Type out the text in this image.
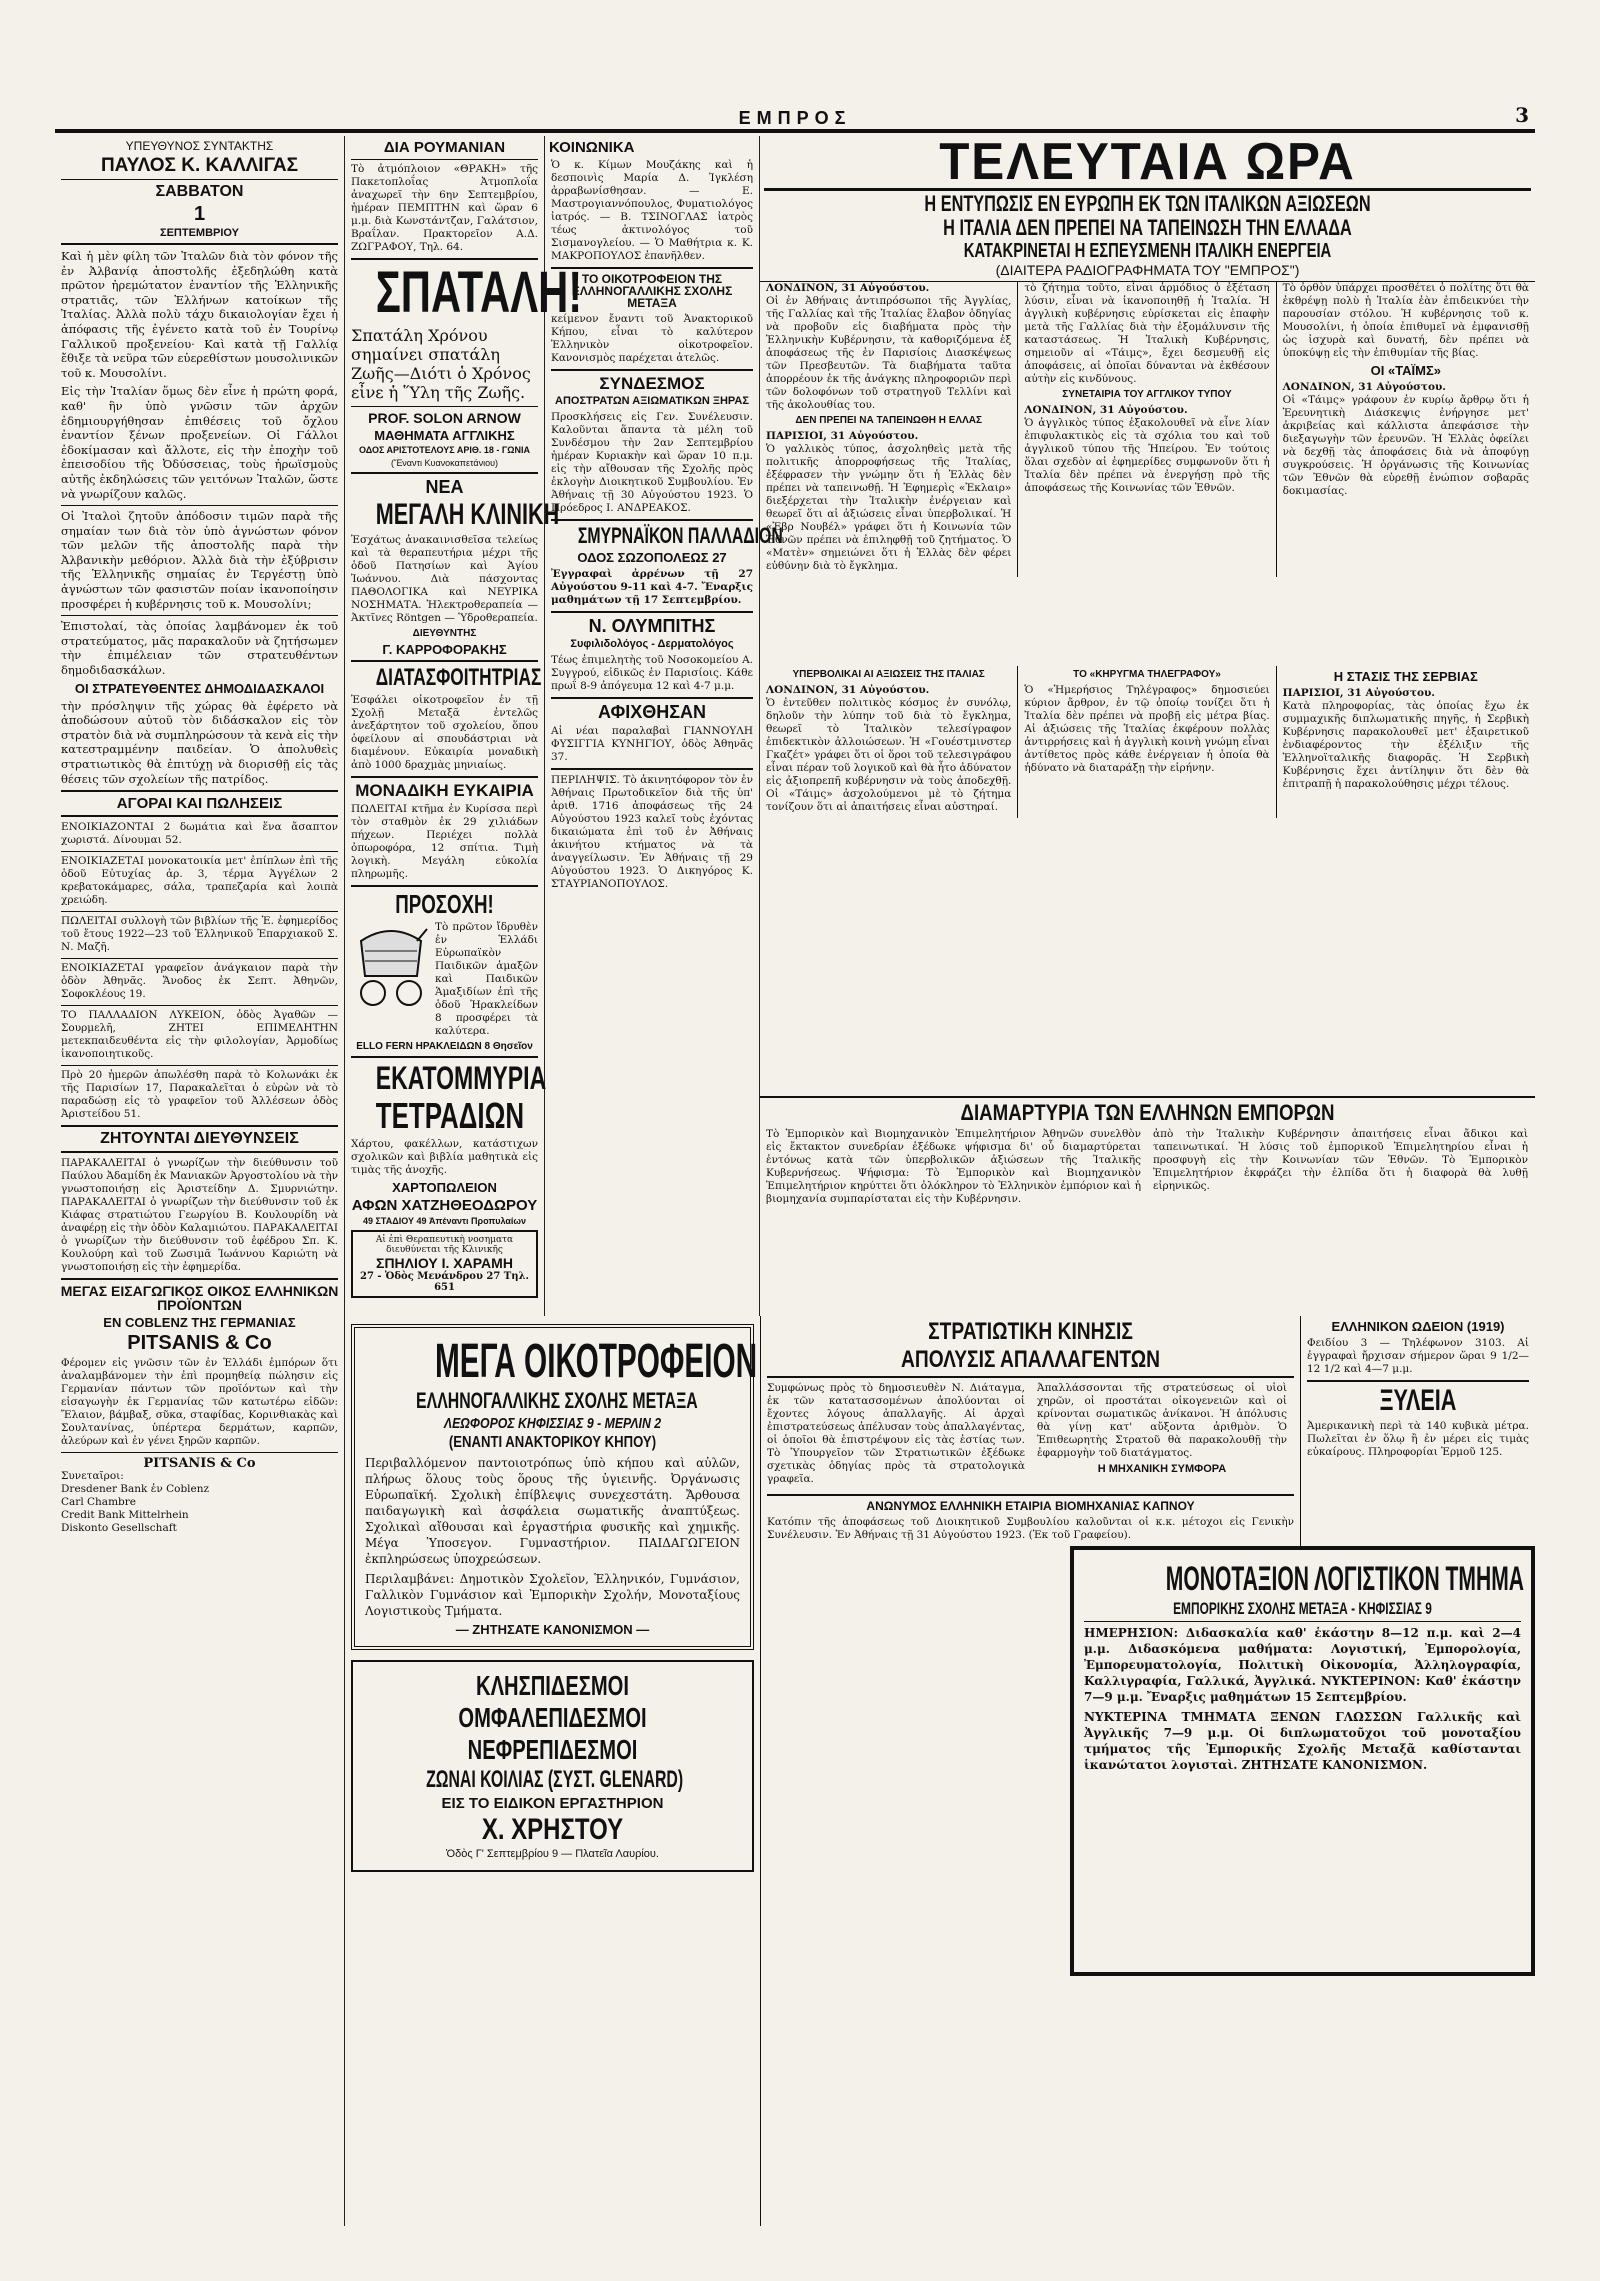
ΕΜΠΡΟΣ	3
ΥΠΕΥΘΥΝΟΣ ΣΥΝΤΑΚΤΗΣ
ΠΑΥΛΟΣ Κ. ΚΑΛΛΙΓΑΣ
ΣΑΒΒΑΤΟΝ
1
ΣΕΠΤΕΜΒΡΙΟΥ

Καὶ ἡ μὲν φίλη τῶν Ἰταλῶν διὰ τὸν φόνον τῆς ἐν Ἀλβανίᾳ ἀποστολῆς ἐξεδηλώθη κατὰ πρῶτον ἠρεμώτατον ἐναντίον τῆς Ἑλληνικῆς στρατιᾶς, τῶν Ἑλλήνων κατοίκων τῆς Ἰταλίας. Ἀλλὰ πολὺ τάχυ δικαιολογίαν ἔχει ἡ ἀπόφασις τῆς ἐγένετο κατὰ τοῦ ἐν Τουρίνῳ Γαλλικοῦ προξενείου· Καὶ κατὰ τῇ Γαλλίᾳ ἔθιξε τὰ νεῦρα τῶν εὐερεθίστων μουσολινικῶν τοῦ κ. Μουσολίνι.

Εἰς τὴν Ἰταλίαν ὅμως δὲν εἶνε ἡ πρώτη φορά, καθ' ἣν ὑπὸ γνῶσιν τῶν ἀρχῶν ἐδημιουργήθησαν ἐπιθέσεις τοῦ ὄχλου ἐναντίον ξένων προξενείων. Οἱ Γάλλοι ἐδοκίμασαν καὶ ἄλλοτε, εἰς τὴν ἐποχὴν τοῦ ἐπεισοδίου τῆς Ὀδύσσειας, τοὺς ἠρωϊσμοὺς αὐτῆς ἐκδηλώσεις τῶν γειτόνων Ἰταλῶν, ὥστε νὰ γνωρίζουν καλῶς.

Οἱ Ἰταλοὶ ζητοῦν ἀπόδοσιν τιμῶν παρὰ τῆς σημαίαν των διὰ τὸν ὑπὸ ἀγνώστων φόνον τῶν μελῶν τῆς ἀποστολῆς παρὰ τὴν Ἀλβανικὴν μεθόριον. Ἀλλὰ διὰ τὴν ἐξύβρισιν τῆς Ἑλληνικῆς σημαίας ἐν Τεργέστῃ ὑπὸ ἀγνώστων τῶν φασιστῶν ποίαν ἱκανοποίησιν προσφέρει ἡ κυβέρνησις τοῦ κ. Μουσολίνι;

Ἐπιστολαί, τὰς ὁποίας λαμβάνομεν ἐκ τοῦ στρατεύματος, μᾶς παρακαλοῦν νὰ ζητήσωμεν τὴν ἐπιμέλειαν τῶν στρατευθέντων δημοδιδασκάλων.

ΟΙ ΣΤΡΑΤΕΥΘΕΝΤΕΣ ΔΗΜΟΔΙΔΑΣΚΑΛΟΙ

τὴν πρόσληψιν τῆς χώρας θὰ ἐφέρετο νὰ ἀποδώσουν αὐτοῦ τὸν διδάσκαλον εἰς τὸν στρατὸν διὰ νὰ συμπληρώσουν τὰ κενὰ εἰς τὴν κατεστραμμένην παιδείαν. Ὁ ἀπολυθεὶς στρατιωτικὸς θὰ ἐπιτύχῃ νὰ διορισθῇ εἰς τὰς θέσεις τῶν σχολείων τῆς πατρίδος.

ΑΓΟΡΑΙ ΚΑΙ ΠΩΛΗΣΕΙΣ

ΕΝΟΙΚΙΑΖΟΝΤΑΙ 2 δωμάτια καὶ ἕνα ἄσαπτον χωριστά. Δίνουμαι 52.

ΕΝΟΙΚΙΑΖΕΤΑΙ μονοκατοικία μετ' ἐπίπλων ἐπὶ τῆς ὁδοῦ Εὐτυχίας ἀρ. 3, τέρμα Ἀγγέλων 2 κρεβατοκάμαρες, σάλα, τραπεζαρία καὶ λοιπὰ χρειώδη.

ΠΩΛΕΙΤΑΙ συλλογὴ τῶν βιβλίων τῆς Ἑ. ἐφημερίδος τοῦ ἔτους 1922—23 τοῦ Ἑλληνικοῦ Ἐπαρχιακοῦ Σ. Ν. Μαζῆ.

ΕΝΟΙΚΙΑΖΕΤΑΙ γραφεῖον ἀνάγκαιον παρὰ τὴν ὁδὸν Ἀθηνᾶς. Ἄνοδος ἐκ Σεπτ. Ἀθηνῶν, Σοφοκλέους 19.

ΤΟ ΠΑΛΛΑΔΙΟΝ ΛΥΚΕΙΟΝ, ὁδὸς Ἀγαθῶν — Σουρμελῆ, ΖΗΤΕΙ ΕΠΙΜΕΛΗΤΗΝ μετεκπαιδευθέντα εἰς τὴν φιλολογίαν, Ἀρμοδίως ἱκανοποιητικοῦς.

Πρὸ 20 ἡμερῶν ἀπωλέσθη παρὰ τὸ Κολωνάκι ἐκ τῆς Παρισίων 17, Παρακαλεῖται ὁ εὑρὼν νὰ τὸ παραδώσῃ εἰς τὸ γραφεῖον τοῦ Ἀλλέσεων ὁδὸς Ἀριστείδου 51.

ΖΗΤΟΥΝΤΑΙ ΔΙΕΥΘΥΝΣΕΙΣ

ΠΑΡΑΚΑΛΕΙΤΑΙ ὁ γνωρίζων τὴν διεύθυνσιν τοῦ Παύλου Ἀδαμίδη ἐκ Μανιακῶν Ἀργοστολίου νὰ τὴν γνωστοποιήσῃ εἰς Ἀριστείδην Δ. Σμυρνιώτην. ΠΑΡΑΚΑΛΕΙΤΑΙ ὁ γνωρίζων τὴν διεύθυνσιν τοῦ ἐκ Κιάφας στρατιώτου Γεωργίου Β. Κουλουρίδη νὰ ἀναφέρῃ εἰς τὴν ὁδὸν Καλαμιώτου. ΠΑΡΑΚΑΛΕΙΤΑΙ ὁ γνωρίζων τὴν διεύθυνσιν τοῦ ἐφέδρου Σπ. Κ. Κουλούρη καὶ τοῦ Ζωσιμᾶ Ἰωάννου Καριώτη νὰ γνωστοποιήσῃ εἰς τὴν ἐφημερίδα.

ΜΕΓΑΣ ΕΙΣΑΓΩΓΙΚΟΣ ΟΙΚΟΣ ΕΛΛΗΝΙΚΩΝ ΠΡΟΪΟΝΤΩΝ
ΕΝ COBLENZ ΤΗΣ ΓΕΡΜΑΝΙΑΣ
PITSANIS & Co

Φέρομεν εἰς γνῶσιν τῶν ἐν Ἑλλάδι ἐμπόρων ὅτι ἀναλαμβάνομεν τὴν ἐπὶ προμηθείᾳ πώλησιν εἰς Γερμανίαν πάντων τῶν προϊόντων καὶ τὴν εἰσαγωγὴν ἐκ Γερμανίας τῶν κατωτέρω εἰδῶν: Ἔλαιον, βάμβαξ, σῦκα, σταφίδας, Κορινθιακὰς καὶ Σουλτανίνας, ὑπέρτερα δερμάτων, καρπῶν, ἀλεύρων καὶ ἐν γένει ξηρῶν καρπῶν.

PITSANIS & Co
Συνεταῖροι:
Dresdener Bank ἐν Coblenz
Carl Chambre
Credit Bank Mittelrhein
Diskonto Gesellschaft
ΔΙΑ ΡΟΥΜΑΝΙΑΝ

Τὸ ἀτμόπλοιον «ΘΡΑΚΗ» τῆς Πακετοπλοΐας Ἀτμοπλοΐα ἀναχωρεῖ τὴν 6ην Σεπτεμβρίου, ἡμέραν ΠΕΜΠΤΗΝ καὶ ὥραν 6 μ.μ. διὰ Κωνστάντζαν, Γαλάτσιον, Βραΐλαν. Πρακτορεῖον Α.Δ. ΖΩΓΡΑΦΟΥ, Τηλ. 64.

ΣΠΑΤΑΛΗ!

Σπατάλη Χρόνου σημαίνει σπατάλη Ζωῆς—Διότι ὁ Χρόνος εἶνε ἡ Ὕλη τῆς Ζωῆς.

PROF. SOLON ARNOW
ΜΑΘΗΜΑΤΑ ΑΓΓΛΙΚΗΣ
ΟΔΟΣ ΑΡΙΣΤΟΤΕΛΟΥΣ ΑΡΙΘ. 18 - ΓΩΝΙΑ
(Ἔναντι Κυανοκαπετάνιου)
ΝΕΑ
ΜΕΓΑΛΗ ΚΛΙΝΙΚΗ

Ἐσχάτως ἀνακαινισθεῖσα τελείως καὶ τὰ θεραπευτήρια μέχρι τῆς ὁδοῦ Πατησίων καὶ Ἀγίου Ἰωάννου. Διὰ πάσχοντας ΠΑΘΟΛΟΓΙΚΑ καὶ ΝΕΥΡΙΚΑ ΝΟΣΗΜΑΤΑ. Ἠλεκτροθεραπεία — Ἀκτῖνες Röntgen — Ὑδροθεραπεία.

ΔΙΕΥΘΥΝΤΗΣ
Γ. ΚΑΡΡΟΦΟΡΑΚΗΣ
ΔΙΑΤΑΣΦΟΙΤΗΤΡΙΑΣ

Ἐσφάλει οἰκοτροφεῖον ἐν τῇ Σχολῇ Μεταξᾶ ἐντελῶς ἀνεξάρτητον τοῦ σχολείου, ὅπου ὀφείλουν αἱ σπουδάστριαι νὰ διαμένουν. Εὐκαιρία μοναδικὴ ἀπὸ 1000 δραχμὰς μηνιαίως.

ΜΟΝΑΔΙΚΗ ΕΥΚΑΙΡΙΑ

ΠΩΛΕΙΤΑΙ κτῆμα ἐν Κυρίσσα περὶ τὸν σταθμὸν ἐκ 29 χιλιάδων πήχεων. Περιέχει πολλὰ ὀπωροφόρα, 12 σπίτια. Τιμὴ λογικὴ. Μεγάλη εὐκολία πληρωμῆς.

ΠΡΟΣΟΧΗ!

Τὸ πρῶτον ἴδρυθὲν ἐν Ἑλλάδι Εὐρωπαϊκὸν Παιδικῶν ἁμαξῶν καὶ Παιδικῶν Ἁμαξιδίων ἐπὶ τῆς ὁδοῦ Ἡρακλείδων 8 προσφέρει τὰ καλύτερα.

ELLO FERN ΗΡΑΚΛΕΙΔΩΝ 8 Θησεῖον
ΕΚΑΤΟΜΜΥΡΙΑ
ΤΕΤΡΑΔΙΩΝ

Χάρτου, φακέλλων, κατάστιχων σχολικῶν καὶ βιβλία μαθητικὰ εἰς τιμὰς τῆς ἀνοχῆς.

ΧΑΡΤΟΠΩΛΕΙΟΝ
ΑΦΩΝ ΧΑΤΖΗΘΕΟΔΩΡΟΥ
49 ΣΤΑΔΙΟΥ 49 Ἀπέναντι Προπυλαίων
Αἱ ἐπὶ Θεραπευτικὴ νοσηματα διευθύνεται τῆς Κλινικῆς
ΣΠΗΛΙΟΥ Ι. ΧΑΡΑΜΗ
27 - Ὁδὸς Μενάνδρου 27 Τηλ. 651
ΚΟΙΝΩΝΙΚΑ

Ὁ κ. Κίμων Μουζάκης καὶ ἡ δεσποινὶς Μαρία Δ. Ἰγκλέση ἀρραβωνίσθησαν. — Ε. Μαστρογιαννόπουλος, Φυματιολόγος ἰατρός. — Β. ΤΣΙΝΟΓΛΑΣ ἰατρὸς τέως ἀκτινολόγος τοῦ Σισμανογλείου. — Ὁ Μαθήτρια κ. Κ. ΜΑΚΡΟΠΟΥΛΟΣ ἐπανῆλθεν.

ΤΟ ΟΙΚΟΤΡΟΦΕΙΟΝ ΤΗΣ ΕΛΛΗΝΟΓΑΛΛΙΚΗΣ ΣΧΟΛΗΣ ΜΕΤΑΞΑ

κείμενον ἔναντι τοῦ Ἀνακτορικοῦ Κήπου, εἶναι τὸ καλύτερον Ἑλληνικὸν οἰκοτροφεῖον. Κανονισμὸς παρέχεται ἀτελῶς.

ΣΥΝΔΕΣΜΟΣ
ΑΠΟΣΤΡΑΤΩΝ ΑΞΙΩΜΑΤΙΚΩΝ ΞΗΡΑΣ

Προσκλήσεις εἰς Γεν. Συνέλευσιν. Καλοῦνται ἅπαντα τὰ μέλη τοῦ Συνδέσμου τὴν 2αν Σεπτεμβρίου ἡμέραν Κυριακὴν καὶ ὥραν 10 π.μ. εἰς τὴν αἴθουσαν τῆς Σχολῆς πρὸς ἐκλογὴν Διοικητικοῦ Συμβουλίου. Ἐν Ἀθήναις τῇ 30 Αὐγούστου 1923. Ὁ Πρόεδρος Ι. ΑΝΔΡΕΑΚΟΣ.

ΣΜΥΡΝΑΪΚΟΝ ΠΑΛΛΑΔΙΟΝ
ΟΔΟΣ ΣΩΖΟΠΟΛΕΩΣ 27

Ἐγγραφαὶ ἀρρένων τῇ 27 Αὐγούστου 9-11 καὶ 4-7. Ἔναρξις μαθημάτων τῇ 17 Σεπτεμβρίου.

Ν. ΟΛΥΜΠΙΤΗΣ
Συφιλιδολόγος - Δερματολόγος

Τέως ἐπιμελητὴς τοῦ Νοσοκομείου Α. Συγγρού, εἰδικῶς ἐν Παρισίοις. Κάθε πρωΐ 8-9 ἀπόγευμα 12 καὶ 4-7 μ.μ.

ΑΦΙΧΘΗΣΑΝ

Αἱ νέαι παραλαβαὶ ΓΙΑΝΝΟΥΛΗ ΦΥΣΙΓΓΙΑ ΚΥΝΗΓΙΟΥ, ὁδὸς Ἀθηνᾶς 37.

ΠΕΡΙΛΗΨΙΣ. Τὸ ἀκινητόφορον τὸν ἐν Ἀθήναις Πρωτοδικεῖον διὰ τῆς ὑπ' ἀριθ. 1716 ἀποφάσεως τῆς 24 Αὐγούστου 1923 καλεῖ τοὺς ἐχόντας δικαιώματα ἐπὶ τοῦ ἐν Ἀθήναις ἀκινήτου κτήματος νὰ τὰ ἀναγγείλωσιν. Ἐν Ἀθήναις τῇ 29 Αὐγούστου 1923. Ὁ Δικηγόρος Κ. ΣΤΑΥΡΙΑΝΟΠΟΥΛΟΣ.

ΤΕΛΕΥΤΑΙΑ ΩΡΑ
Η ΕΝΤΥΠΩΣΙΣ ΕΝ ΕΥΡΩΠΗ ΕΚ ΤΩΝ ΙΤΑΛΙΚΩΝ ΑΞΙΩΣΕΩΝ
Η ΙΤΑΛΙΑ ΔΕΝ ΠΡΕΠΕΙ ΝΑ ΤΑΠΕΙΝΩΣΗ ΤΗΝ ΕΛΛΑΔΑ
ΚΑΤΑΚΡΙΝΕΤΑΙ Η ΕΣΠΕΥΣΜΕΝΗ ΙΤΑΛΙΚΗ ΕΝΕΡΓΕΙΑ
(ΔΙΑΙΤΕΡΑ ΡΑΔΙΟΓΡΑΦΗΜΑΤΑ ΤΟΥ "ΕΜΠΡΟΣ")

ΛΟΝΔΙΝΟΝ, 31 Αὐγούστου.

Οἱ ἐν Ἀθήναις ἀντιπρόσωποι τῆς Ἀγγλίας, τῆς Γαλλίας καὶ τῆς Ἰταλίας ἔλαβον ὁδηγίας νὰ προβοῦν εἰς διαβήματα πρὸς τὴν Ἑλληνικὴν Κυβέρνησιν, τὰ καθοριζόμενα ἐξ ἀποφάσεως τῆς ἐν Παρισίοις Διασκέψεως τῶν Πρεσβευτῶν. Τὰ διαβήματα ταῦτα ἀπορρέουν ἐκ τῆς ἀνάγκης πληροφοριῶν περὶ τῶν δολοφόνων τοῦ στρατηγοῦ Τελλίνι καὶ τῆς ἀκολουθίας του.

ΔΕΝ ΠΡΕΠΕΙ ΝΑ ΤΑΠΕΙΝΩΘΗ Η ΕΛΛΑΣ

ΠΑΡΙΣΙΟΙ, 31 Αὐγούστου.

Ὁ γαλλικὸς τύπος, ἀσχοληθεὶς μετὰ τῆς πολιτικῆς ἀπορροφήσεως τῆς Ἰταλίας, ἐξέφρασεν τὴν γνώμην ὅτι ἡ Ἑλλὰς δὲν πρέπει νὰ ταπεινωθῇ. Ἡ Ἐφημερὶς «Ἐκλαιρ» διεξέρχεται τὴν Ἰταλικὴν ἐνέργειαν καὶ θεωρεῖ ὅτι αἱ ἀξιώσεις εἶναι ὑπερβολικαί. Ἡ «Ἐβρ Νουβέλ» γράφει ὅτι ἡ Κοινωνία τῶν Ἐθνῶν πρέπει νὰ ἐπιληφθῇ τοῦ ζητήματος. Ὁ «Ματὲν» σημειώνει ὅτι ἡ Ἑλλὰς δὲν φέρει εὐθύνην διὰ τὸ ἔγκλημα.

τὸ ζήτημα τοῦτο, εἶναι ἀρμόδιος ὁ ἐξέταση λύσιν, εἶναι νὰ ἱκανοποιηθῇ ἡ Ἰταλία. Ἡ ἀγγλικὴ κυβέρνησις εὑρίσκεται εἰς ἐπαφὴν μετὰ τῆς Γαλλίας διὰ τὴν ἐξομάλυνσιν τῆς καταστάσεως. Ἡ Ἰταλικὴ Κυβέρνησις, σημειοῦν αἱ «Τάιμς», ἔχει δεσμευθῇ εἰς ἀποφάσεις, αἱ ὁποῖαι δύνανται νὰ ἐκθέσουν αὐτὴν εἰς κινδύνους.

ΣΥΝΕΤΑΙΡΙΑ ΤΟΥ ΑΓΓΛΙΚΟΥ ΤΥΠΟΥ

ΛΟΝΔΙΝΟΝ, 31 Αὐγούστου.

Ὁ ἀγγλικὸς τύπος ἐξακολουθεῖ νὰ εἶνε λίαν ἐπιφυλακτικὸς εἰς τὰ σχόλια του καὶ τοῦ ἀγγλικοῦ τύπου τῆς Ἠπείρου. Ἐν τούτοις ὅλαι σχεδὸν αἱ ἐφημερίδες συμφωνοῦν ὅτι ἡ Ἰταλία δὲν πρέπει νὰ ἐνεργήσῃ πρὸ τῆς ἀποφάσεως τῆς Κοινωνίας τῶν Ἐθνῶν.

Τὸ ὀρθὸν ὑπάρχει προσθέτει ὁ πολίτης ὅτι θὰ ἐκθρέψῃ πολὺ ἡ Ἰταλία ἐὰν ἐπιδεικνύει τὴν παρουσίαν στόλου. Ἡ κυβέρνησις τοῦ κ. Μουσολίνι, ἡ ὁποία ἐπιθυμεῖ νὰ ἐμφανισθῇ ὡς ἰσχυρὰ καὶ δυνατή, δὲν πρέπει νὰ ὑποκύψῃ εἰς τὴν ἐπιθυμίαν τῆς βίας.

ΟΙ «ΤΑΪΜΣ»

ΛΟΝΔΙΝΟΝ, 31 Αὐγούστου.

Οἱ «Τάιμς» γράφουν ἐν κυρίῳ ἄρθρῳ ὅτι ἡ Ἐρευνητικὴ Διάσκεψις ἐνήργησε μετ' ἀκριβείας καὶ κάλλιστα ἀπεφάσισε τὴν διεξαγωγὴν τῶν ἐρευνῶν. Ἡ Ἑλλὰς ὀφείλει νὰ δεχθῇ τὰς ἀποφάσεις διὰ νὰ ἀποφύγῃ συγκρούσεις. Ἡ ὀργάνωσις τῆς Κοινωνίας τῶν Ἐθνῶν θὰ εὑρεθῇ ἐνώπιον σοβαρᾶς δοκιμασίας.

ΥΠΕΡΒΟΛΙΚΑΙ ΑΙ ΑΞΙΩΣΕΙΣ ΤΗΣ ΙΤΑΛΙΑΣ

ΛΟΝΔΙΝΟΝ, 31 Αὐγούστου.

Ὁ ἐντεῦθεν πολιτικὸς κόσμος ἐν συνόλῳ, δηλοῦν τὴν λύπην τοῦ διὰ τὸ ἔγκλημα, θεωρεῖ τὸ Ἰταλικὸν τελεσίγραφον ἐπιδεκτικὸν ἀλλοιώσεων. Ἡ «Γουέστμινστερ Γκαζέτ» γράφει ὅτι οἱ ὅροι τοῦ τελεσιγράφου εἶναι πέραν τοῦ λογικοῦ καὶ θὰ ἦτο ἀδύνατον εἰς ἀξιοπρεπῆ κυβέρνησιν νὰ τοὺς ἀποδεχθῇ. Οἱ «Τάιμς» ἀσχολούμενοι μὲ τὸ ζήτημα τονίζουν ὅτι αἱ ἀπαιτήσεις εἶναι αὐστηραί.

ΤΟ «ΚΗΡΥΓΜΑ ΤΗΛΕΓΡΑΦΟΥ»

Ὁ «Ἡμερήσιος Τηλέγραφος» δημοσιεύει κύριον ἄρθρον, ἐν τῷ ὁποίῳ τονίζει ὅτι ἡ Ἰταλία δὲν πρέπει νὰ προβῇ εἰς μέτρα βίας. Αἱ ἀξιώσεις τῆς Ἰταλίας ἐκφέρουν πολλὰς ἀντιρρήσεις καὶ ἡ ἀγγλικὴ κοινὴ γνώμη εἶναι ἀντίθετος πρὸς κάθε ἐνέργειαν ἡ ὁποία θὰ ἠδύνατο νὰ διαταράξῃ τὴν εἰρήνην.

Η ΣΤΑΣΙΣ ΤΗΣ ΣΕΡΒΙΑΣ

ΠΑΡΙΣΙΟΙ, 31 Αὐγούστου.

Κατὰ πληροφορίας, τὰς ὁποίας ἔχω ἐκ συμμαχικῆς διπλωματικῆς πηγῆς, ἡ Σερβικὴ Κυβέρνησις παρακολουθεῖ μετ' ἐξαιρετικοῦ ἐνδιαφέροντος τὴν ἐξέλιξιν τῆς Ἑλληνοϊταλικῆς διαφορᾶς. Ἡ Σερβικὴ Κυβέρνησις ἔχει ἀντίληψιν ὅτι δὲν θὰ ἐπιτραπῇ ἡ παρακολούθησις μέχρι τέλους.

ΔΙΑΜΑΡΤΥΡΙΑ ΤΩΝ ΕΛΛΗΝΩΝ ΕΜΠΟΡΩΝ

Τὸ Ἐμπορικὸν καὶ Βιομηχανικὸν Ἐπιμελητήριον Ἀθηνῶν συνελθὸν εἰς ἔκτακτον συνεδρίαν ἐξέδωκε ψήφισμα δι' οὗ διαμαρτύρεται ἐντόνως κατὰ τῶν ὑπερβολικῶν ἀξιώσεων τῆς Ἰταλικῆς Κυβερνήσεως. Ψήφισμα: Τὸ Ἐμπορικὸν καὶ Βιομηχανικὸν Ἐπιμελητήριον κηρύττει ὅτι ὁλόκληρον τὸ Ἑλληνικὸν ἐμπόριον καὶ ἡ βιομηχανία συμπαρίσταται εἰς τὴν Κυβέρνησιν.

ἀπὸ τὴν Ἰταλικὴν Κυβέρνησιν ἀπαιτήσεις εἶναι ἄδικοι καὶ ταπεινωτικαί. Ἡ λύσις τοῦ ἐμπορικοῦ Ἐπιμελητηρίου εἶναι ἡ προσφυγὴ εἰς τὴν Κοινωνίαν τῶν Ἐθνῶν. Τὸ Ἐμπορικὸν Ἐπιμελητήριον ἐκφράζει τὴν ἐλπίδα ὅτι ἡ διαφορὰ θὰ λυθῇ εἰρηνικῶς.

ΜΕΓΑ ΟΙΚΟΤΡΟΦΕΙΟΝ
ΕΛΛΗΝΟΓΑΛΛΙΚΗΣ ΣΧΟΛΗΣ ΜΕΤΑΞΑ
ΛΕΩΦΟΡΟΣ ΚΗΦΙΣΣΙΑΣ 9 - ΜΕΡΛΙΝ 2
(ΕΝΑΝΤΙ ΑΝΑΚΤΟΡΙΚΟΥ ΚΗΠΟΥ)

Περιβαλλόμενον παντοιοτρόπως ὑπὸ κήπου καὶ αὐλῶν, πλήρως ὅλους τοὺς ὅρους τῆς ὑγιεινῆς. Ὀργάνωσις Εὐρωπαϊκή. Σχολικὴ ἐπίβλεψις συνεχεστάτη. Ἄρθουσα παιδαγωγικὴ καὶ ἀσφάλεια σωματικῆς ἀναπτύξεως. Σχολικαὶ αἴθουσαι καὶ ἐργαστήρια φυσικῆς καὶ χημικῆς. Μέγα Ὑποσεγον. Γυμναστήριον. ΠΑΙΔΑΓΩΓΕΙΟΝ ἐκπληρώσεως ὑποχρεώσεων.

Περιλαμβάνει: Δημοτικὸν Σχολεῖον, Ἑλληνικόν, Γυμνάσιον, Γαλλικὸν Γυμνάσιον καὶ Ἐμπορικὴν Σχολήν, Μονοταξίους Λογιστικοὺς Τμήματα.

— ΖΗΤΗΣΑΤΕ ΚΑΝΟΝΙΣΜΟΝ —
ΚΛΗΣΠΙΔΕΣΜΟΙ
ΟΜΦΑΛΕΠΙΔΕΣΜΟΙ
ΝΕΦΡΕΠΙΔΕΣΜΟΙ
ΖΩΝΑΙ ΚΟΙΛΙΑΣ (ΣΥΣΤ. GLENARD)
ΕΙΣ ΤΟ ΕΙΔΙΚΟΝ ΕΡΓΑΣΤΗΡΙΟΝ
Χ. ΧΡΗΣΤΟΥ
Ὁδὸς Γ' Σεπτεμβρίου 9 — Πλατεῖα Λαυρίου.
ΣΤΡΑΤΙΩΤΙΚΗ ΚΙΝΗΣΙΣ
ΑΠΟΛΥΣΙΣ ΑΠΑΛΛΑΓΕΝΤΩΝ

Συμφώνως πρὸς τὸ δημοσιευθὲν Ν. Διάταγμα, ἐκ τῶν κατατασσομένων ἀπολύονται οἱ ἔχοντες λόγους ἀπαλλαγῆς. Αἱ ἀρχαὶ ἐπιστρατεύσεως ἀπέλυσαν τοὺς ἀπαλλαγέντας, οἱ ὁποῖοι θὰ ἐπιστρέψουν εἰς τὰς ἑστίας των. Τὸ Ὑπουργεῖον τῶν Στρατιωτικῶν ἐξέδωκε σχετικὰς ὁδηγίας πρὸς τὰ στρατολογικὰ γραφεῖα.

Ἀπαλλάσσονται τῆς στρατεύσεως οἱ υἱοὶ χηρῶν, οἱ προστάται οἰκογενειῶν καὶ οἱ κρίνονται σωματικῶς ἀνίκανοι. Ἡ ἀπόλυσις θὰ γίνῃ κατ' αὔξοντα ἀριθμὸν. Ὁ Ἐπιθεωρητὴς Στρατοῦ θὰ παρακολουθῇ τὴν ἐφαρμογὴν τοῦ διατάγματος.

Η ΜΗΧΑΝΙΚΗ ΣΥΜΦΟΡΑ
ΑΝΩΝΥΜΟΣ ΕΛΛΗΝΙΚΗ ΕΤΑΙΡΙΑ ΒΙΟΜΗΧΑΝΙΑΣ ΚΑΠΝΟΥ

Κατόπιν τῆς ἀποφάσεως τοῦ Διοικητικοῦ Συμβουλίου καλοῦνται οἱ κ.κ. μέτοχοι εἰς Γενικὴν Συνέλευσιν. Ἐν Ἀθήναις τῇ 31 Αὐγούστου 1923. (Ἐκ τοῦ Γραφείου).

ΕΛΛΗΝΙΚΟΝ ΩΔΕΙΟΝ (1919)

Φειδίου 3 — Τηλέφωνον 3103. Αἱ ἐγγραφαὶ ἤρχισαν σήμερον ὥραι 9 1/2—12 1/2 καὶ 4—7 μ.μ.

ΞΥΛΕΙΑ

Ἀμερικανικὴ περὶ τὰ 140 κυβικὰ μέτρα. Πωλεῖται ἐν ὅλῳ ἢ ἐν μέρει εἰς τιμὰς εὐκαίρους. Πληροφορίαι Ἑρμοῦ 125.

ΜΟΝΟΤΑΞΙΟΝ ΛΟΓΙΣΤΙΚΟΝ ΤΜΗΜΑ
ΕΜΠΟΡΙΚΗΣ ΣΧΟΛΗΣ ΜΕΤΑΞΑ - ΚΗΦΙΣΣΙΑΣ 9

ΗΜΕΡΗΣΙΟΝ: Διδασκαλία καθ' ἑκάστην 8—12 π.μ. καὶ 2—4 μ.μ. Διδασκόμενα μαθήματα: Λογιστική, Ἐμπορολογία, Ἐμπορευματολογία, Πολιτικὴ Οἰκονομία, Ἀλληλογραφία, Καλλιγραφία, Γαλλικά, Ἀγγλικά. ΝΥΚΤΕΡΙΝΟΝ: Καθ' ἑκάστην 7—9 μ.μ. Ἔναρξις μαθημάτων 15 Σεπτεμβρίου.

ΝΥΚΤΕΡΙΝΑ ΤΜΗΜΑΤΑ ΞΕΝΩΝ ΓΛΩΣΣΩΝ Γαλλικῆς καὶ Ἀγγλικῆς 7—9 μ.μ. Οἱ διπλωματοῦχοι τοῦ μονοταξίου τμήματος τῆς Ἐμπορικῆς Σχολῆς Μεταξᾶ καθίστανται ἱκανώτατοι λογισταὶ. ΖΗΤΗΣΑΤΕ ΚΑΝΟΝΙΣΜΟΝ.
